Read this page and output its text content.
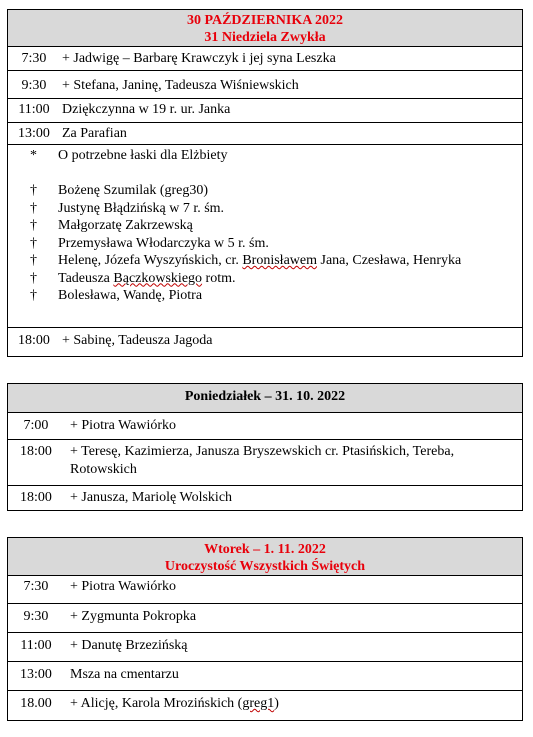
30 PAŹDZIERNIKA 2022
31 Niedziela Zwykła
7:30	+ Jadwigę – Barbarę Krawczyk i jej syna Leszka
9:30	+ Stefana, Janinę, Tadeusza Wiśniewskich
11:00 Dziękczynna w 19 r. ur. Janka
13:00 Za Parafian
*	O potrzebne łaski dla Elżbiety
†	Bożenę Szumilak (greg30)
†	Justynę Błądzińską w 7 r. śm.
†	Małgorzatę Zakrzewską
†	Przemysława Włodarczyka w 5 r. śm.
†	Helenę, Józefa Wyszyńskich, cr. Bronisławem Jana, Czesława, Henryka
†	Tadeusza Bączkowskiego rotm.
†	Bolesława, Wandę, Piotra
18:00 + Sabinę, Tadeusza Jagoda
Poniedziałek – 31. 10. 2022
7:00	+ Piotra Wawiórko
18:00	+ Teresę, Kazimierza, Janusza Bryszewskich cr. Ptasińskich, Tereba, Rotowskich
18:00	+ Janusza, Mariolę Wolskich
Wtorek – 1. 11. 2022
Uroczystość Wszystkich Świętych
7:30	+ Piotra Wawiórko
9:30	+ Zygmunta Pokropka
11:00	+ Danutę Brzezińską
13:00	Msza na cmentarzu
18.00	+ Alicję, Karola Mrozińskich (greg1)
